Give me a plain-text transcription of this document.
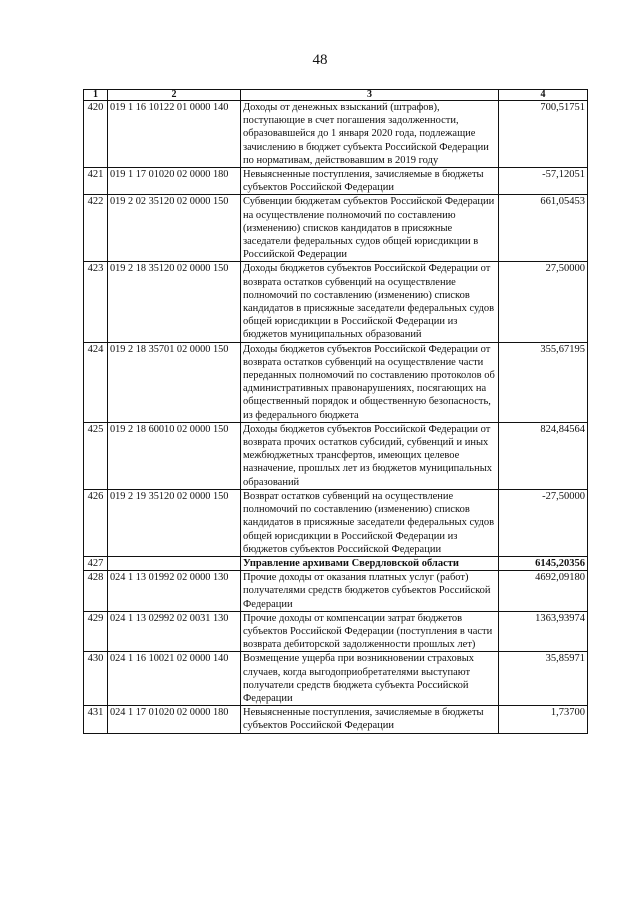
48
1	2	3	4
420	019 1 16 10122 01 0000 140	Доходы от денежных взысканий (штрафов), поступающие в счет погашения задолженности, образовавшейся до 1 января 2020 года, подлежащие зачислению в бюджет субъекта Российской Федерации по нормативам, действовавшим в 2019 году	700,51751
421	019 1 17 01020 02 0000 180	Невыясненные поступления, зачисляемые в бюджеты субъектов Российской Федерации	-57,12051
422	019 2 02 35120 02 0000 150	Субвенции бюджетам субъектов Российской Федерации на осуществление полномочий по составлению (изменению) списков кандидатов в присяжные заседатели федеральных судов общей юрисдикции в Российской Федерации	661,05453
423	019 2 18 35120 02 0000 150	Доходы бюджетов субъектов Российской Федерации от возврата остатков субвенций на осуществление полномочий по составлению (изменению) списков кандидатов в присяжные заседатели федеральных судов общей юрисдикции в Российской Федерации из бюджетов муниципальных образований	27,50000
424	019 2 18 35701 02 0000 150	Доходы бюджетов субъектов Российской Федерации от возврата остатков субвенций на осуществление части переданных полномочий по составлению протоколов об административных правонарушениях, посягающих на общественный порядок и общественную безопасность, из федерального бюджета	355,67195
425	019 2 18 60010 02 0000 150	Доходы бюджетов субъектов Российской Федерации от возврата прочих остатков субсидий, субвенций и иных межбюджетных трансфертов, имеющих целевое назначение, прошлых лет из бюджетов муниципальных образований	824,84564
426	019 2 19 35120 02 0000 150	Возврат остатков субвенций на осуществление полномочий по составлению (изменению) списков кандидатов в присяжные заседатели федеральных судов общей юрисдикции в Российской Федерации из бюджетов субъектов Российской Федерации	-27,50000
427		Управление архивами Свердловской области	6145,20356
428	024 1 13 01992 02 0000 130	Прочие доходы от оказания платных услуг (работ) получателями средств бюджетов субъектов Российской Федерации	4692,09180
429	024 1 13 02992 02 0031 130	Прочие доходы от компенсации затрат бюджетов субъектов Российской Федерации (поступления в части возврата дебиторской задолженности прошлых лет)	1363,93974
430	024 1 16 10021 02 0000 140	Возмещение ущерба при возникновении страховых случаев, когда выгодоприобретателями выступают получатели средств бюджета субъекта Российской Федерации	35,85971
431	024 1 17 01020 02 0000 180	Невыясненные поступления, зачисляемые в бюджеты субъектов Российской Федерации	1,73700
